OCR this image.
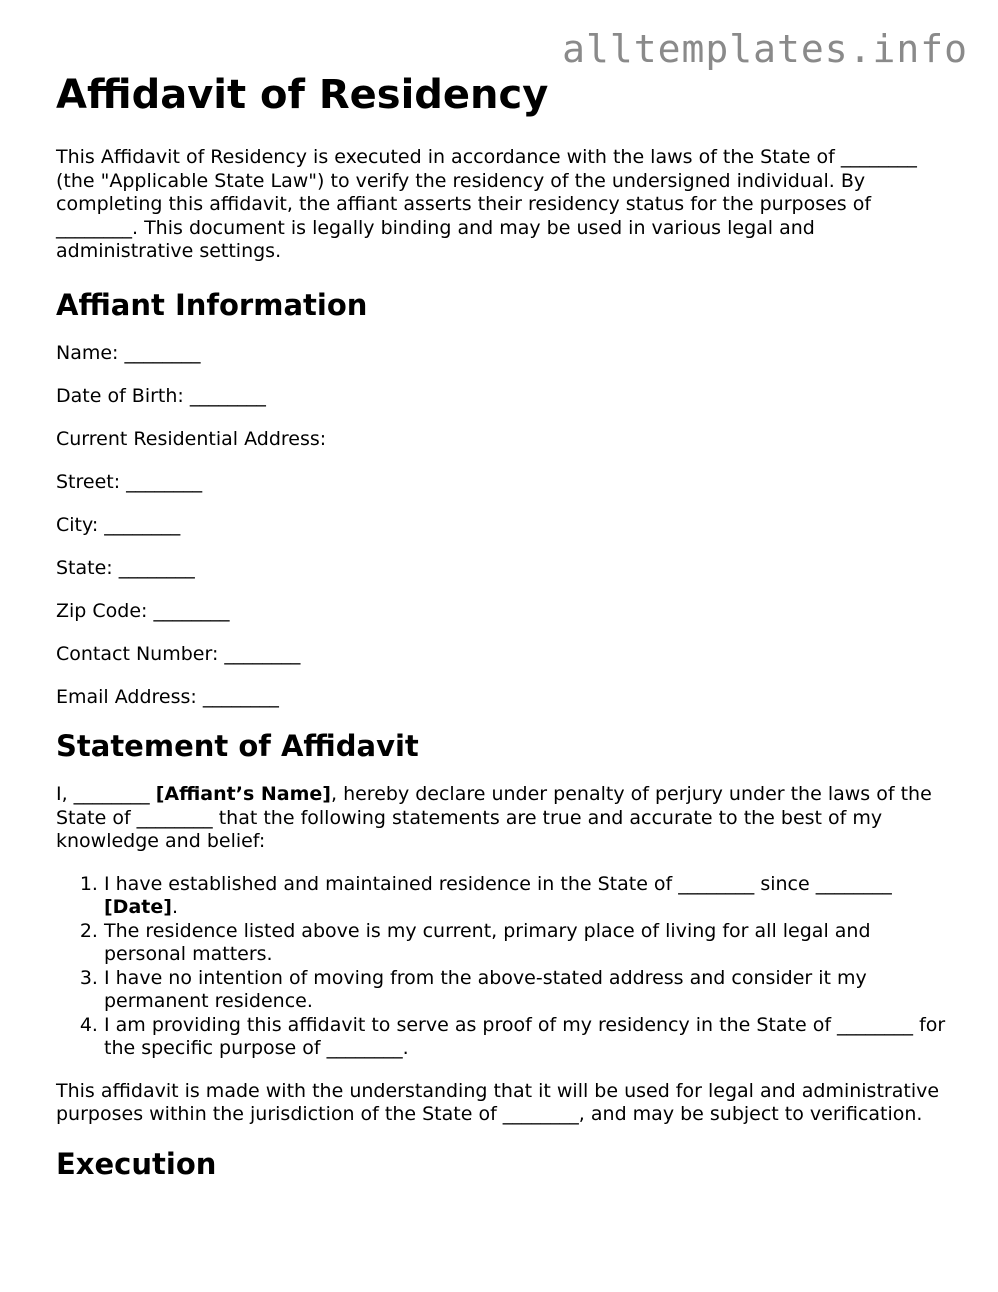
alltemplates.info
Affidavit of Residency

This Affidavit of Residency is executed in accordance with the laws of the State of ________ (the "Applicable State Law") to verify the residency of the undersigned individual. By completing this affidavit, the affiant asserts their residency status for the purposes of ________. This document is legally binding and may be used in various legal and administrative settings.

Affiant Information
Name: ________
Date of Birth: ________
Current Residential Address:
Street: ________
City: ________
State: ________
Zip Code: ________
Contact Number: ________
Email Address: ________
Statement of Affidavit

I, ________ [Affiant’s Name], hereby declare under penalty of perjury under the laws of the State of ________ that the following statements are true and accurate to the best of my knowledge and belief:

1. I have established and maintained residence in the State of ________ since ________ [Date].
2. The residence listed above is my current, primary place of living for all legal and personal matters.
3. I have no intention of moving from the above-stated address and consider it my permanent residence.
4. I am providing this affidavit to serve as proof of my residency in the State of ________ for the specific purpose of ________.

This affidavit is made with the understanding that it will be used for legal and administrative purposes within the jurisdiction of the State of ________, and may be subject to verification.

Execution
